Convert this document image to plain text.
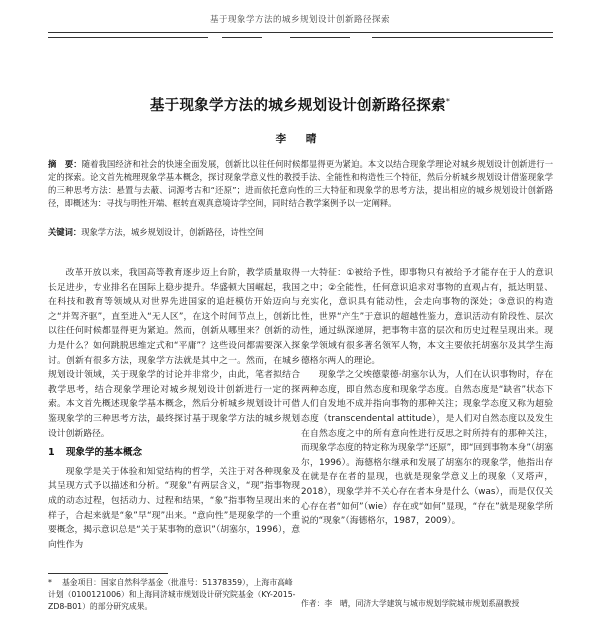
基于现象学方法的城乡规划设计创新路径探索
基于现象学方法的城乡规划设计创新路径探索*
李 晴
摘　要：随着我国经济和社会的快速全面发展，创新比以往任何时候都显得更为紧迫。本文以结合现象学理论对城乡规划设计创新进行一定的探索。论文首先梳理现象学基本概念，探讨现象学意义性的教授手法、全能性和构造性三个特征，然后分析城乡规划设计借鉴现象学的三种思考方法：悬置与去蔽、词源考古和“还原”；进而依托意向性的三大特征和现象学的思考方法，提出相应的城乡规划设计创新路径，即概述为：寻找与明性开端、框转直观真意境诗学空间，同时结合教学案例予以一定阐释。
关键词：现象学方法，城乡规划设计，创新路径，诗性空间

改革开放以来，我国高等教育逐步迈上台阶，教学质量取得长足进步，专业排名在国际上稳步提升。华盛顿大国崛起，我国在科技和教育等领域从对世界先进国家的追赶模仿开始迈向与之“并驾齐驱”，直至进入“无人区”，在这个时间节点上，创新比以往任何时候都显得更为紧迫。然而，创新从哪里来？创新的动力是什么？如何跳脱思维定式和“平庸”？这些设问都需要深入探讨。创新有很多方法，现象学方法就是其中之一。然而，在城乡规划设计领域，关于现象学的讨论并非常少，由此，笔者拟结合教学思考，结合现象学理论对城乡规划设计创新进行一定的探索。本文首先概述现象学基本概念，然后分析城乡规划设计可借鉴现象学的三种思考方法，最终探讨基于现象学方法的城乡规划设计创新路径。

1 现象学的基本概念

现象学是关于体验和知觉结构的哲学，关注于对各种现象及其呈现方式予以描述和分析。“现象”有两层含义，“现”指事物现成的动态过程，包括动力、过程和结果，“象”指事物呈现出来的样子，合起来就是“象”早“现”出来。“意向性”是现象学的一个重要概念，揭示意识总是“关于某事物的意识”（胡塞尔，1996），意向性作为

* 基金项目：国家自然科学基金（批准号：51378359），上海市高峰计划（0100121006）和上海同济城市规划设计研究院基金（KY-2015-ZD8-B01）的部分研究成果。

一大特征：①被给予性，即事物只有被给予才能存在于人的意识之中；②全能性，任何意识追求对事物的直观占有，抵达明显、充实化，意识具有能动性，会走向事物的深处；③意识的构造性，世界“产生”于意识的超越性鉴力，意识活动有阶段性、层次性，通过纵深递屏，把事物丰富的层次和历史过程呈现出来。现象学领域有很多著名领军人物，本文主要依托胡塞尔及其学生海德格尔两人的理论。

现象学之父埃德蒙德·胡塞尔认为，人们在认识事物时，存在两种态度，即自然态度和现象学态度。自然态度是“缺省”状态下人们自发地不成并指向事物的那种关注；现象学态度又称为超验态度（transcendental attitude），是人们对自然态度以及发生在自然态度之中的所有意向性进行反思之时所持有的那种关注，而现象学态度的特定称为现象学“还原”，即“回到事物本身”（胡塞尔，1996）。海德格尔继承和发展了胡塞尔的现象学，他指出存在就是存在者的显现，也就是现象学意义上的现象（叉塔声，2018），现象学并不关心存在者本身是什么（was），而是仅仅关心存在者“如何”（wie）存在或“如何”显现，“存在”就是现象学所说的“现象”（海德格尔，1987，2009）。

作者：李　晴，同济大学建筑与城市规划学院城市规划系副教授
